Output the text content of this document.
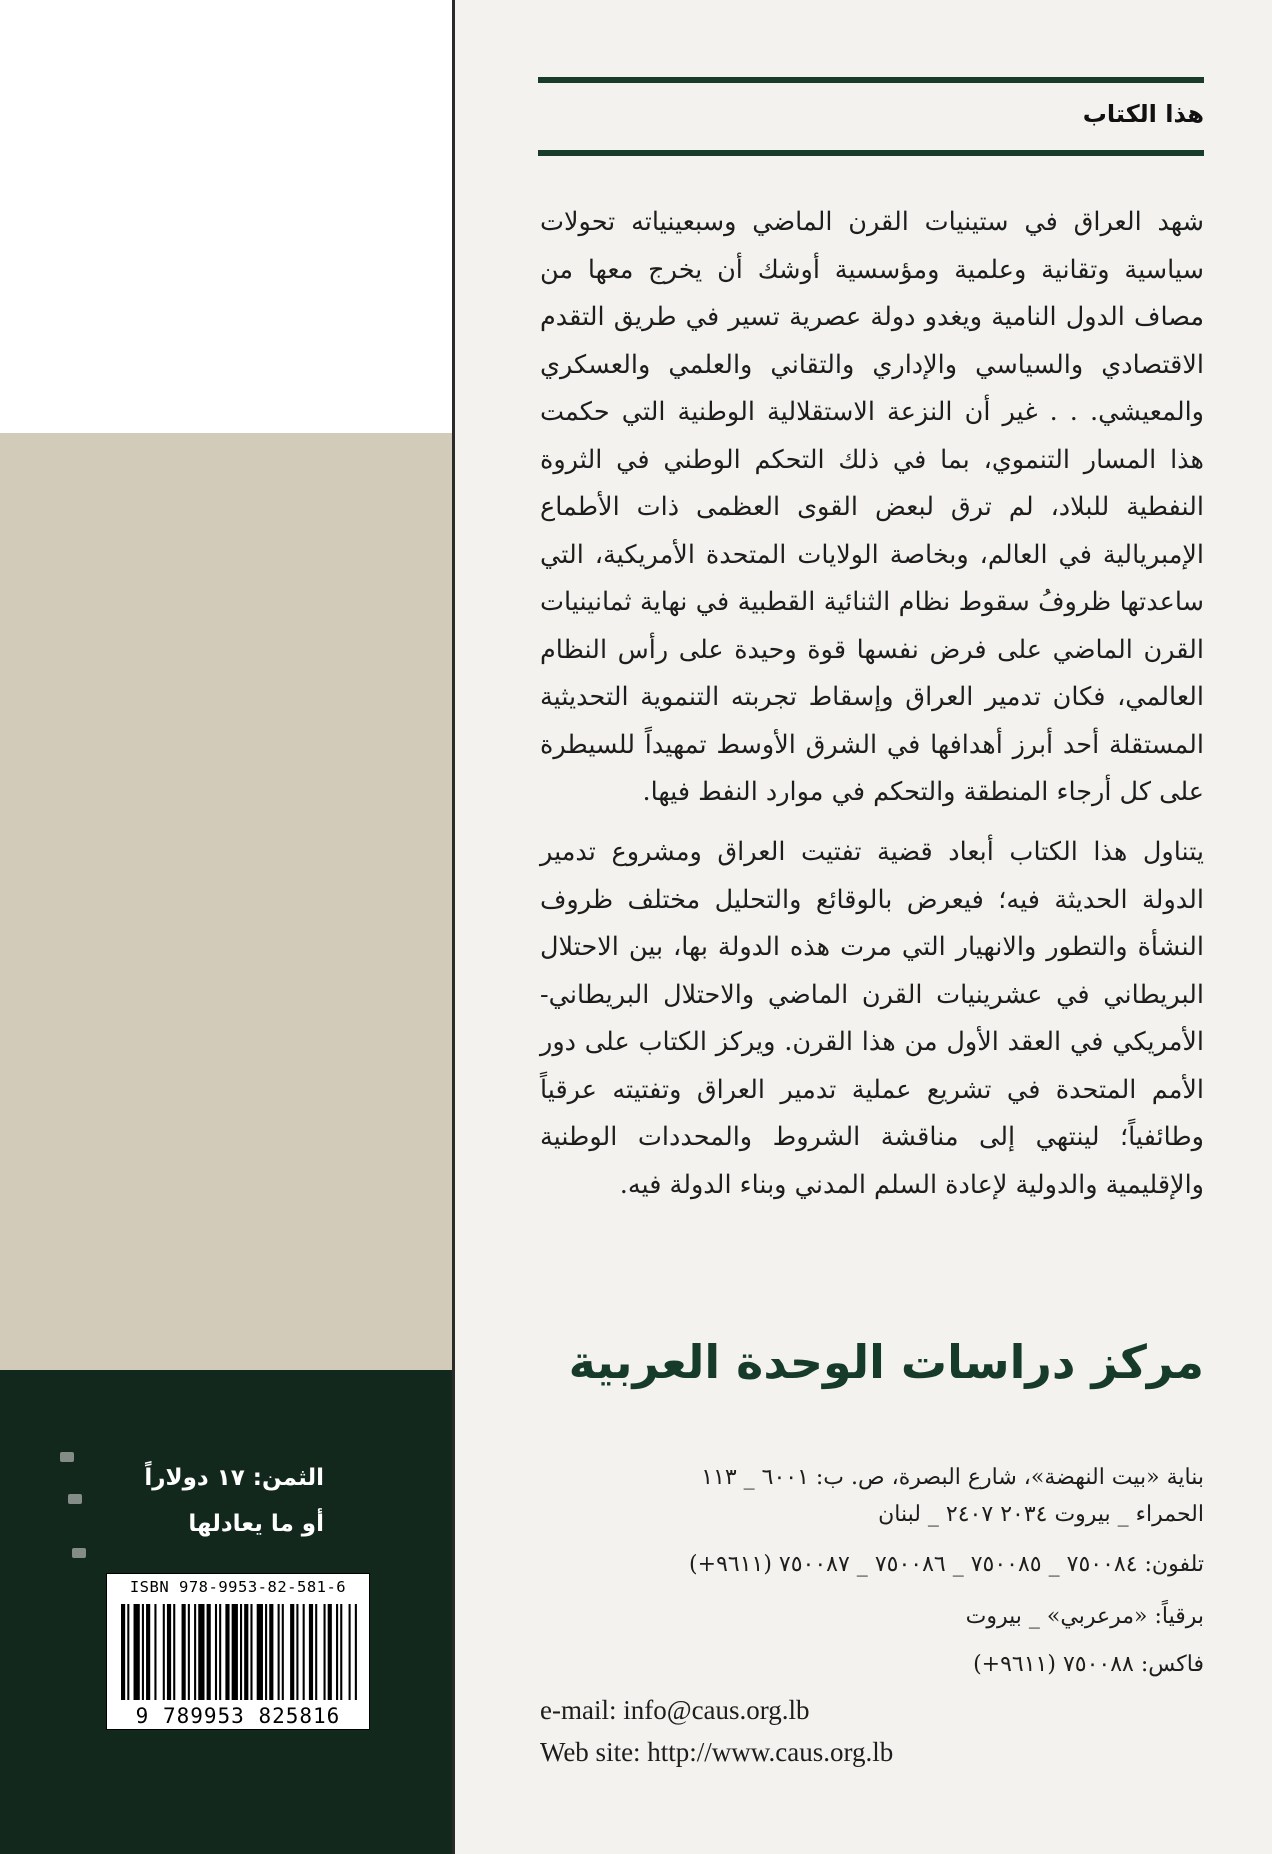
هذا الكتاب

شهد العراق في ستينيات القرن الماضي وسبعينياته تحولات سياسية وتقانية وعلمية ومؤسسية أوشك أن يخرج معها من مصاف الدول النامية ويغدو دولة عصرية تسير في طريق التقدم الاقتصادي والسياسي والإداري والتقاني والعلمي والعسكري والمعيشي. . . غير أن النزعة الاستقلالية الوطنية التي حكمت هذا المسار التنموي، بما في ذلك التحكم الوطني في الثروة النفطية للبلاد، لم ترق لبعض القوى العظمى ذات الأطماع الإمبريالية في العالم، وبخاصة الولايات المتحدة الأمريكية، التي ساعدتها ظروفُ سقوط نظام الثنائية القطبية في نهاية ثمانينيات القرن الماضي على فرض نفسها قوة وحيدة على رأس النظام العالمي، فكان تدمير العراق وإسقاط تجربته التنموية التحديثية المستقلة أحد أبرز أهدافها في الشرق الأوسط تمهيداً للسيطرة على كل أرجاء المنطقة والتحكم في موارد النفط فيها.

يتناول هذا الكتاب أبعاد قضية تفتيت العراق ومشروع تدمير الدولة الحديثة فيه؛ فيعرض بالوقائع والتحليل مختلف ظروف النشأة والتطور والانهيار التي مرت هذه الدولة بها، بين الاحتلال البريطاني في عشرينيات القرن الماضي والاحتلال البريطاني-الأمريكي في العقد الأول من هذا القرن. ويركز الكتاب على دور الأمم المتحدة في تشريع عملية تدمير العراق وتفتيته عرقياً وطائفياً؛ لينتهي إلى مناقشة الشروط والمحددات الوطنية والإقليمية والدولية لإعادة السلم المدني وبناء الدولة فيه.

مركز دراسات الوحدة العربية
بناية «بيت النهضة»، شارع البصرة، ص. ب: ٦٠٠١ _ ١١٣
الحمراء _ بيروت ٢٠٣٤ ٢٤٠٧ _ لبنان
تلفون: ٧٥٠٠٨٤ _ ٧٥٠٠٨٥ _ ٧٥٠٠٨٦ _ ٧٥٠٠٨٧ (٩٦١١+)
برقياً: «مرعربي» _ بيروت
فاكس: ٧٥٠٠٨٨ (٩٦١١+)
e-mail: info@caus.org.lb
Web site: http://www.caus.org.lb
الثمن: ١٧ دولاراً
أو ما يعادلها
ISBN 978-9953-82-581-6
9 789953 825816
